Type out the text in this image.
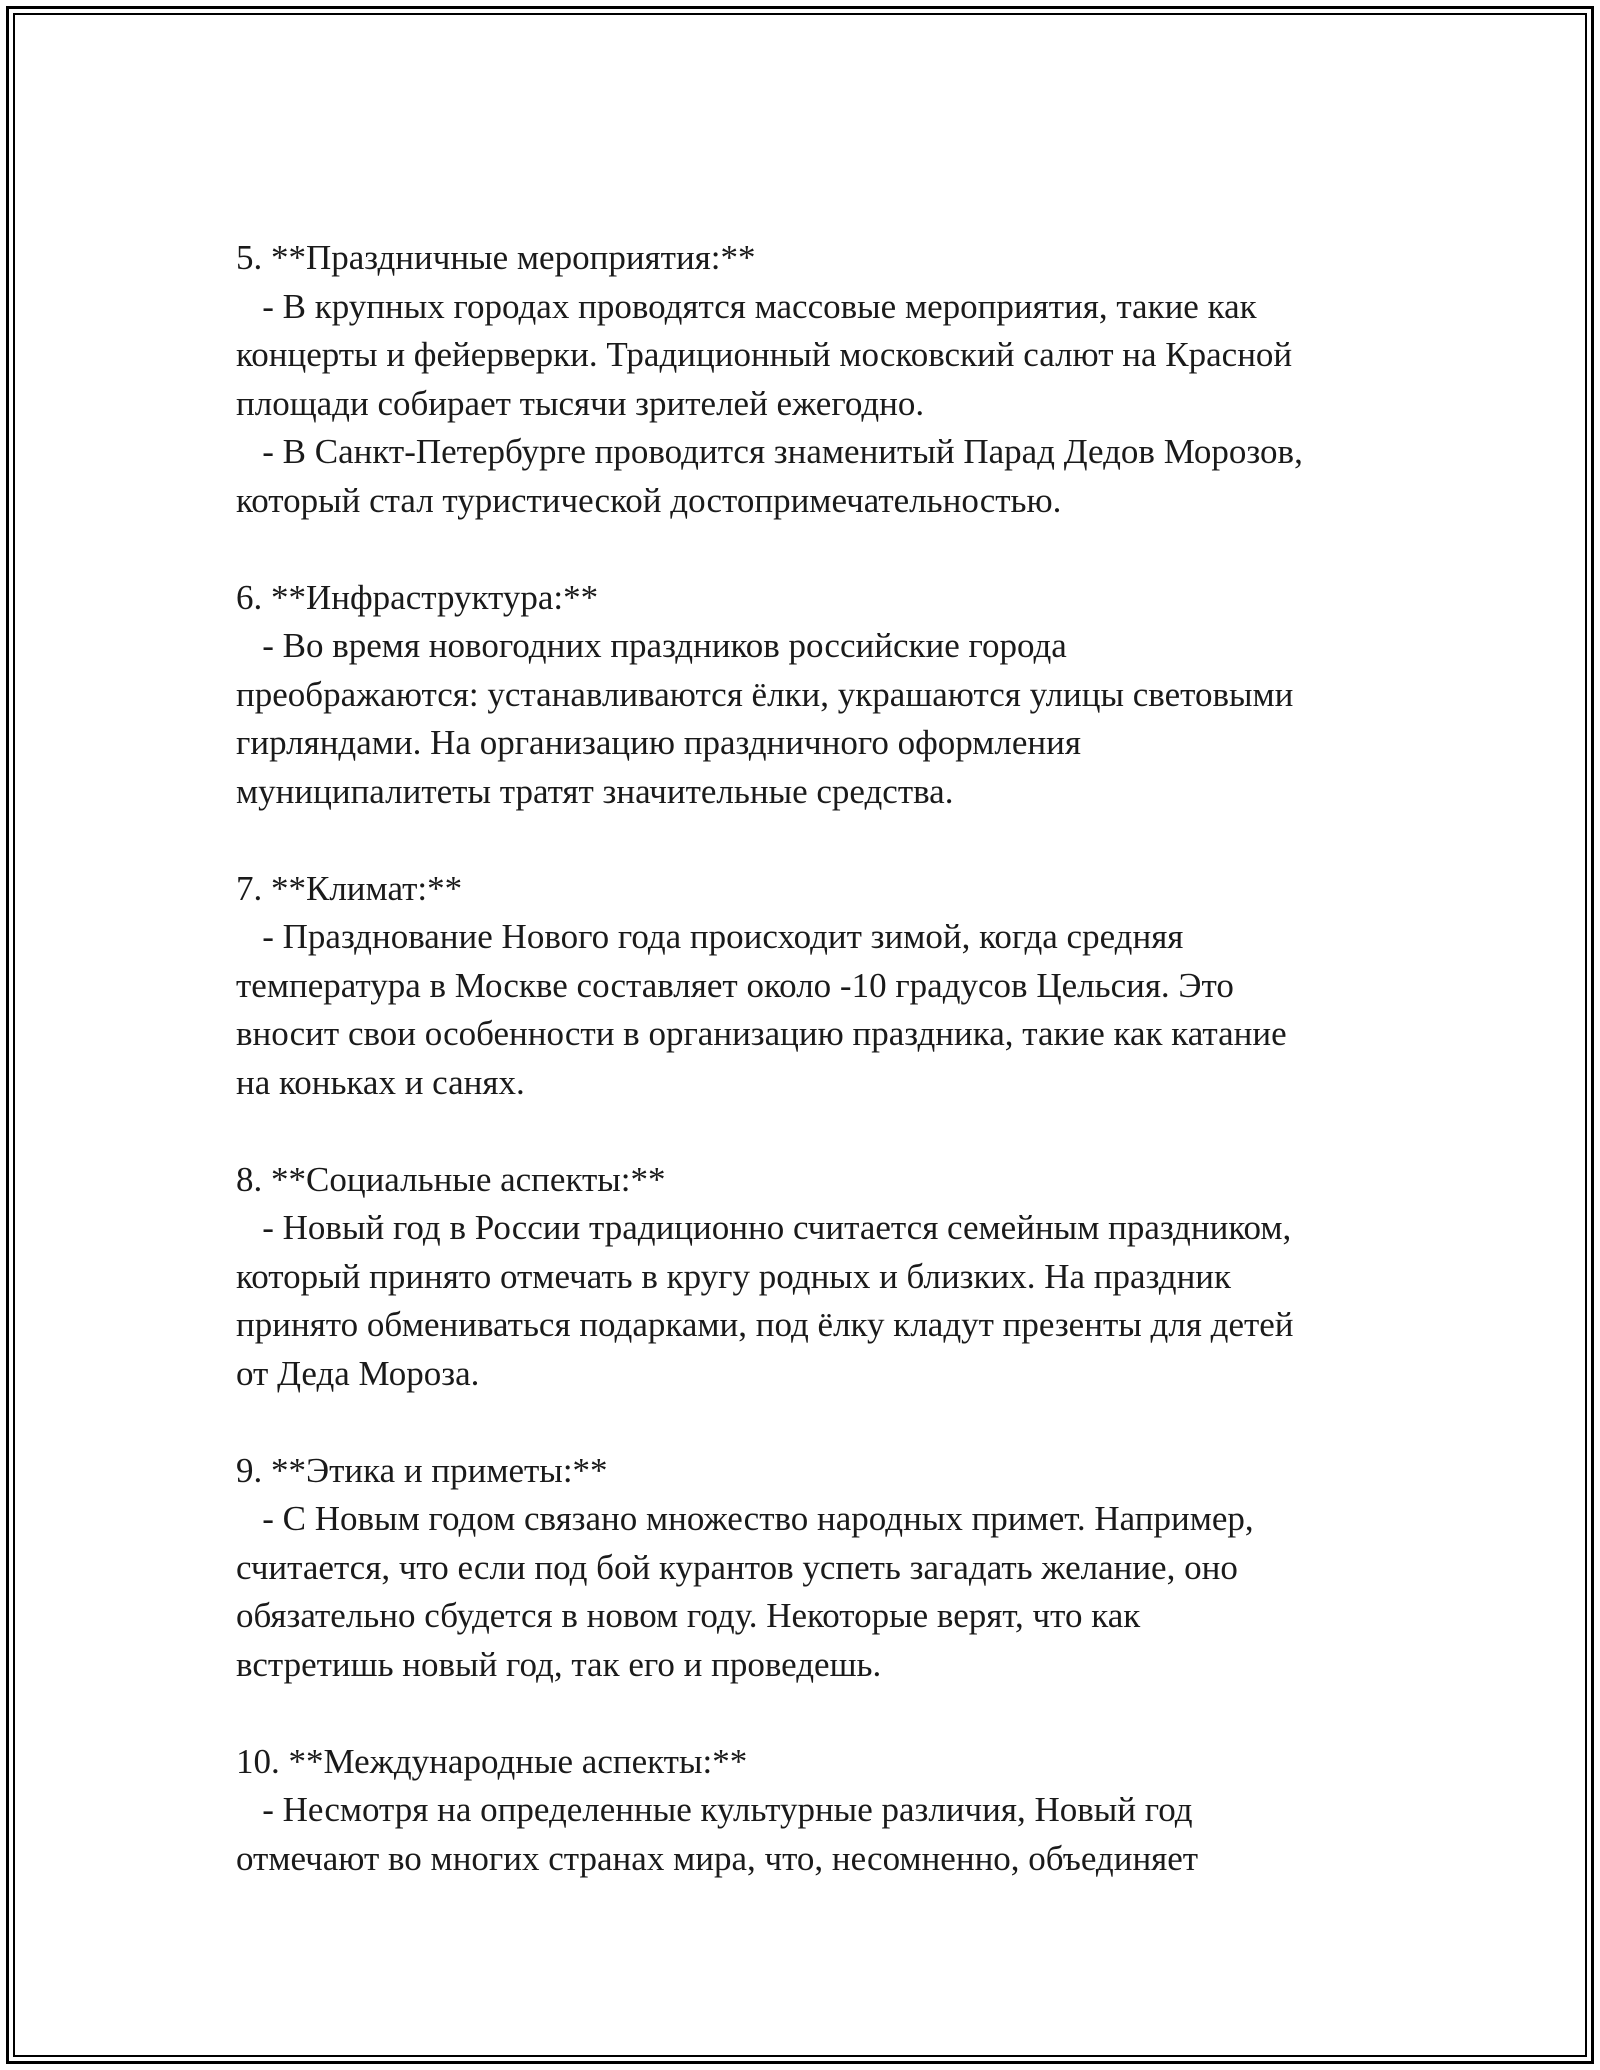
5. **Праздничные мероприятия:**
- В крупных городах проводятся массовые мероприятия, такие как
концерты и фейерверки. Традиционный московский салют на Красной
площади собирает тысячи зрителей ежегодно.
- В Санкт-Петербурге проводится знаменитый Парад Дедов Морозов,
который стал туристической достопримечательностью.
6. **Инфраструктура:**
- Во время новогодних праздников российские города
преображаются: устанавливаются ёлки, украшаются улицы световыми
гирляндами. На организацию праздничного оформления
муниципалитеты тратят значительные средства.
7. **Климат:**
- Празднование Нового года происходит зимой, когда средняя
температура в Москве составляет около -10 градусов Цельсия. Это
вносит свои особенности в организацию праздника, такие как катание
на коньках и санях.
8. **Социальные аспекты:**
- Новый год в России традиционно считается семейным праздником,
который принято отмечать в кругу родных и близких. На праздник
принято обмениваться подарками, под ёлку кладут презенты для детей
от Деда Мороза.
9. **Этика и приметы:**
- С Новым годом связано множество народных примет. Например,
считается, что если под бой курантов успеть загадать желание, оно
обязательно сбудется в новом году. Некоторые верят, что как
встретишь новый год, так его и проведешь.
10. **Международные аспекты:**
- Несмотря на определенные культурные различия, Новый год
отмечают во многих странах мира, что, несомненно, объединяет
